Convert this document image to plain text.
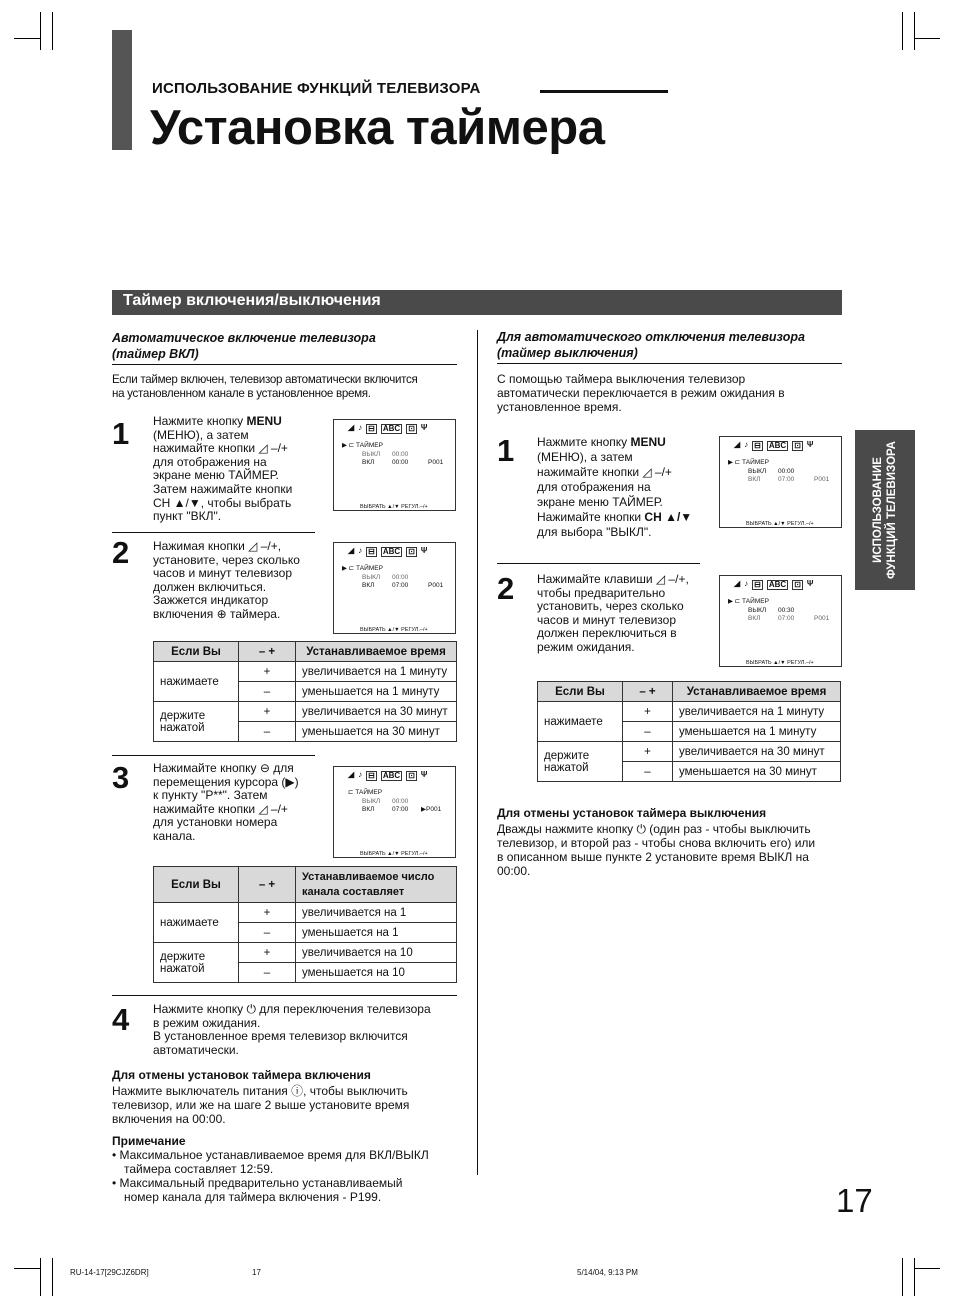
ИСПОЛЬЗОВАНИЕ ФУНКЦИЙ ТЕЛЕВИЗОРА
Установка таймера
Таймер включения/выключения
Автоматическое включение телевизора
(таймер ВКЛ)
Если таймер включен, телевизор автоматически включится
на установленном канале в установленное время.
1 Нажмите кнопку MENU
(МЕНЮ), а затем
нажимайте кнопки ◿ –/+
для отображения на
экране меню ТАЙМЕР.
Затем нажимайте кнопки
CH ▲/▼, чтобы выбрать
пункт "ВКЛ".
◢ ♪ ⊟ ABC ⊡ Ψ
▶ ⊏ ТАЙМЕР
ВЫКЛ 00:00
ВКЛ	00:00	P001
ВЫБРАТЬ ▲/▼ РЕГУЛ.–/+
2 Нажимая кнопки ◿ –/+,
установите, через сколько
часов и минут телевизор
должен включиться.
Зажжется индикатор
включения ⊕ таймера.
◢ ♪ ⊟ ABC ⊡ Ψ
▶ ⊏ ТАЙМЕР
ВЫКЛ 00:00
ВКЛ	07:00	P001
ВЫБРАТЬ ▲/▼ РЕГУЛ.–/+
Если Вы	– +	Устанавливаемое время
нажимаете	+	увеличивается на 1 минуту
	–	уменьшается на 1 минуту

держите
нажатой	+	увеличивается на 30 минут
	–	уменьшается на 30 минут
3 Нажимайте кнопку ⊖ для
перемещения курсора (▶)
к пункту "P**". Затем
нажимайте кнопки ◿ –/+
для установки номера
канала.
◢ ♪ ⊟ ABC ⊡ Ψ
⊏ ТАЙМЕР
ВЫКЛ 00:00
ВКЛ	07:00 ▶P001
ВЫБРАТЬ ▲/▼ РЕГУЛ.–/+
Если Вы	– +	Устанавливаемое число
канала составляет

нажимаете	+	увеличивается на 1
	–	уменьшается на 1

держите
нажатой	+	увеличивается на 10
	–	уменьшается на 10
4 Нажмите кнопку ⏻ для переключения телевизора
в режим ожидания.
В установленное время телевизор включится
автоматически.
Для отмены установок таймера включения
Нажмите выключатель питания ⓘ, чтобы выключить
телевизор, или же на шаге 2 выше установите время
включения на 00:00.
Примечание
• Максимальное устанавливаемое время для ВКЛ/ВЫКЛ
таймера составляет 12:59.
• Максимальный предварительно устанавливаемый
номер канала для таймера включения - P199.
Для автоматического отключения телевизора
(таймер выключения)
С помощью таймера выключения телевизор
автоматически переключается в режим ожидания в
установленное время.
1 Нажмите кнопку MENU
(МЕНЮ), а затем
нажимайте кнопки ◿ –/+
для отображения на
экране меню ТАЙМЕР.
Нажимайте кнопки CH ▲/▼
для выбора "ВЫКЛ".
◢ ♪ ⊟ ABC ⊡ Ψ
▶ ⊏ ТАЙМЕР
ВЫКЛ 00:00
ВКЛ	07:00	P001
ВЫБРАТЬ ▲/▼ РЕГУЛ.–/+
2 Нажимайте клавиши ◿ –/+,
чтобы предварительно
установить, через сколько
часов и минут телевизор
должен переключиться в
режим ожидания.
◢ ♪ ⊟ ABC ⊡ Ψ
▶ ⊏ ТАЙМЕР
ВЫКЛ 00:30
ВКЛ	07:00	P001
ВЫБРАТЬ ▲/▼ РЕГУЛ.–/+
Если Вы	– +	Устанавливаемое время
нажимаете	+	увеличивается на 1 минуту
	–	уменьшается на 1 минуту

держите
нажатой	+	увеличивается на 30 минут
	–	уменьшается на 30 минут
Для отмены установок таймера выключения
Дважды нажмите кнопку ⏻ (один раз - чтобы выключить
телевизор, и второй раз - чтобы снова включить его) или
в описанном выше пункте 2 установите время ВЫКЛ на
00:00.
ИСПОЛЬЗОВАНИЕ ФУНКЦИЙ ТЕЛЕВИЗОРА
17
RU-14-17[29CJZ6DR]	17	5/14/04, 9:13 PM
